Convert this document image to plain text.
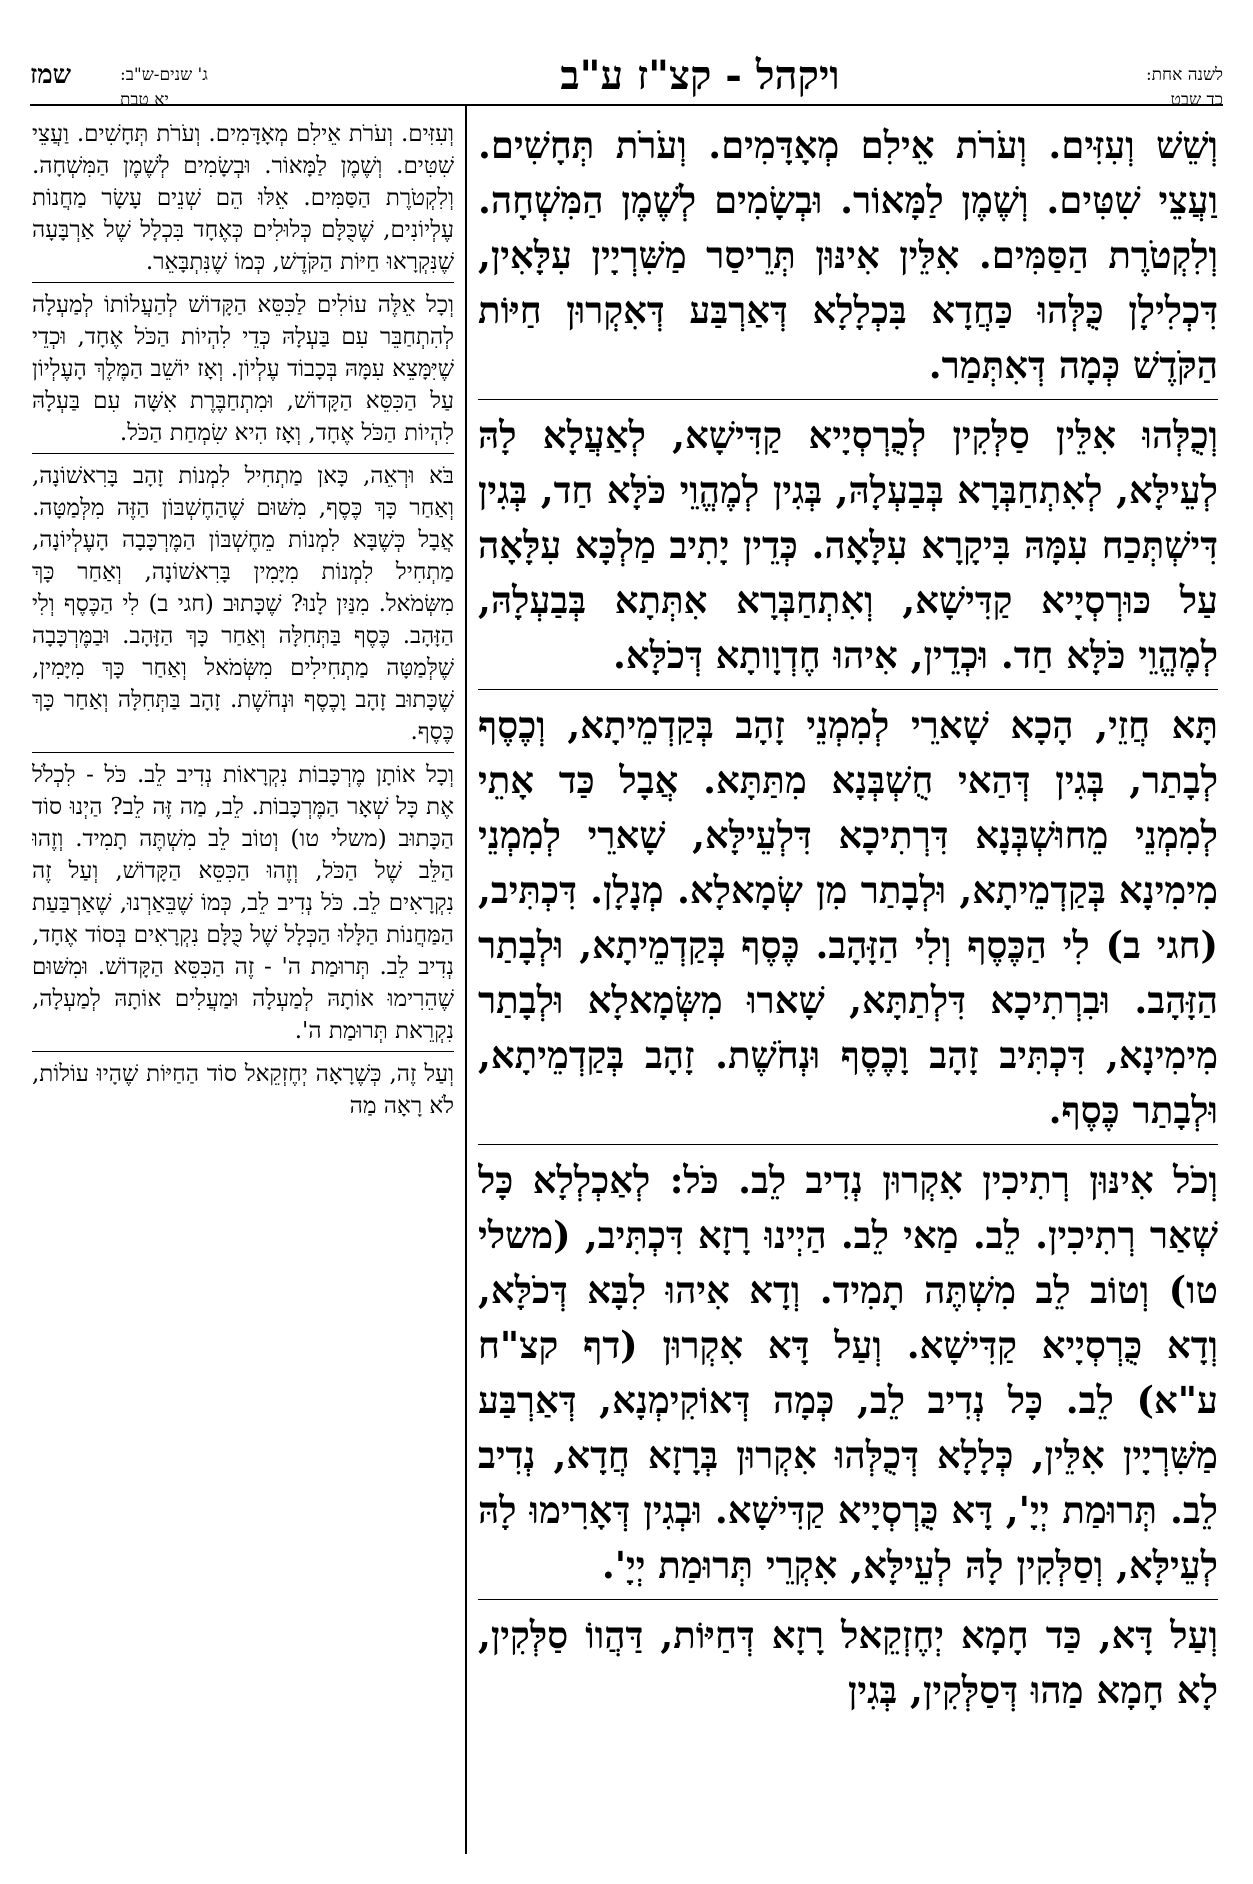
לשנה אחת:
כד שבט
ויקהל - קצ"ז ע"ב
ג' שנים-ש"ב:
יא טבת
שמז

וְשֵׁשׁ וְעִזִּים. וְעֹרֹת אֵילִם מְאָדָּמִים. וְעֹרֹת תְּחָשִׁים. וַעֲצֵי שִׁטִּים. וְשֶׁמֶן לַמָּאוֹר. וּבְשָׂמִים לְשֶׁמֶן הַמִּשְׁחָה. וְלִקְטֹרֶת הַסַּמִּים. אִלֵּין אִינּוּן תְּרֵיסַר מַשִּׁרְיָין עִלָּאִין, דִּכְלִילָן כֻּלְּהוּ כַּחֲדָא בִּכְלָלָא דְּאַרְבַּע דְּאִקְרוּן חַיּוֹת הַקֹּדֶשׁ כְּמָה דְּאִתְּמַר.

וְכֻלְּהוּ אִלֵּין סַלְּקִין לְכֻרְסְיָיא קַדִּישָׁא, לְאַעֲלָא לָהּ לְעֵילָּא, לְאִתְחַבְּרָא בְּבַעְלָהּ, בְּגִין לְמֶהֱוֵי כֹּלָּא חַד, בְּגִין דִּישְׁתְּכַח עִמָּהּ בִּיקָרָא עִלָּאָה. כְּדֵין יָתִיב מַלְכָּא עִלָּאָה עַל כּוּרְסְיָיא קַדִּישָׁא, וְאִתְחַבְּרָא אִתְּתָא בְּבַעְלָהּ, לְמֶהֱוֵי כֹּלָּא חַד. וּכְדֵין, אִיהוּ חֶדְוָותָא דְּכֹלָּא.

תָּא חֲזֵי, הָכָא שָׁארֵי לְמִמְנֵי זָהָב בְּקַדְמֵיתָא, וְכֶסֶף לְבָתַר, בְּגִין דְּהַאי חֻשְׁבְּנָא מִתַּתָּא. אֲבָל כַּד אָתֵי לְמִמְנֵי מֵחוּשְׁבְּנָא דִּרְתִיכָא דִּלְעֵילָּא, שָׁארֵי לְמִמְנֵי מִימִינָא בְּקַדְמֵיתָא, וּלְבָתַר מִן שְׂמָאלָא. מְנָלָן. דִּכְתִּיב, (חגי ב) לִי הַכֶּסֶף וְלִי הַזָּהָב. כֶּסֶף בְּקַדְמֵיתָא, וּלְבָתַר הַזָּהָב. וּבִרְתִיכָא דִּלְתַתָּא, שָׁארוּ מִשְּׂמָאלָא וּלְבָתַר מִימִינָא, דִּכְתִּיב זָהָב וָכֶסֶף וּנְחֹשֶׁת. זָהָב בְּקַדְמֵיתָא, וּלְבָתַר כֶּסֶף.

וְכֹל אִינּוּן רְתִיכִין אִקְרוּן נְדִיב לֵב. כֹּל: לְאַכְלְלָא כָּל שְׁאַר רְתִיכִין. לֵב. מַאי לֵב. הַיְינוּ רָזָא דִּכְתִּיב, (משלי טו) וְטוֹב לֵב מִשְׁתֶּה תָמִיד. וְדָא אִיהוּ לִבָּא דְּכֹלָּא, וְדָא כֻּרְסְיָיא קַדִּישָׁא. וְעַל דָּא אִקְרוּן (דף קצ"ח ע"א) לֵב. כָּל נְדִיב לֵב, כְּמָה דְּאוֹקִימְנָא, דְּאַרְבַּע מַשִּׁרְיָין אִלֵּין, כְּלָלָא דְּכֻלְּהוּ אִקְרוּן בְּרָזָא חֲדָא, נְדִיב לֵב. תְּרוּמַת יְיָ', דָּא כֻּרְסְיָיא קַדִּישָׁא. וּבְגִין דְּאָרִימוּ לָהּ לְעֵילָּא, וְסַלְּקִין לָהּ לְעֵילָּא, אִקְרֵי תְּרוּמַת יְיָ'.

וְעַל דָּא, כַּד חָמָא יְחֶזְקֵאל רָזָא דְּחַיּוֹת, דַּהֲווֹ סַלְּקִין, לָא חָמָא מַהוּ דְּסַלְּקִין, בְּגִין

וְעִזִּים. וְעֹרֹת אֵילִם מְאָדָּמִים. וְעֹרֹת תְּחָשִׁים. וַעֲצֵי שִׁטִּים. וְשֶׁמֶן לַמָּאוֹר. וּבְשָׂמִים לְשֶׁמֶן הַמִּשְׁחָה. וְלִקְטֹרֶת הַסַּמִּים. אֵלּוּ הֵם שְׁנֵים עָשָׂר מַחֲנוֹת עֶלְיוֹנִים, שֶׁכֻּלָּם כְּלוּלִים כְּאֶחָד בִּכְלָל שֶׁל אַרְבָּעָה שֶׁנִּקְרָאוּ חַיּוֹת הַקֹּדֶשׁ, כְּמוֹ שֶׁנִּתְבָּאֵר.

וְכָל אֵלֶּה עוֹלִים לַכִּסֵּא הַקָּדוֹשׁ לְהַעֲלוֹתוֹ לְמַעְלָה לְהִתְחַבֵּר עִם בַּעְלָהּ כְּדֵי לִהְיוֹת הַכֹּל אֶחָד, וּכְדֵי שֶׁיִּמָּצֵא עִמָּהּ בְּכָבוֹד עֶלְיוֹן. וְאָז יוֹשֵׁב הַמֶּלֶךְ הָעֶלְיוֹן עַל הַכִּסֵּא הַקָּדוֹשׁ, וּמִתְחַבֶּרֶת אִשָּׁה עִם בַּעְלָהּ לִהְיוֹת הַכֹּל אֶחָד, וְאָז הִיא שִׂמְחַת הַכֹּל.

בֹּא וּרְאֵה, כָּאן מַתְחִיל לִמְנוֹת זָהָב בָּרִאשׁוֹנָה, וְאַחַר כָּךְ כֶּסֶף, מִשּׁוּם שֶׁהַחֶשְׁבּוֹן הַזֶּה מִלְּמַטָּה. אֲבָל כְּשֶׁבָּא לִמְנוֹת מֵחֶשְׁבּוֹן הַמֶּרְכָּבָה הָעֶלְיוֹנָה, מַתְחִיל לִמְנוֹת מִיָּמִין בָּרִאשׁוֹנָה, וְאַחַר כָּךְ מִשְּׂמֹאל. מִנַּיִן לָנוּ? שֶׁכָּתוּב (חגי ב) לִי הַכֶּסֶף וְלִי הַזָּהָב. כֶּסֶף בַּתְּחִלָּה וְאַחַר כָּךְ הַזָּהָב. וּבַמֶּרְכָּבָה שֶׁלְּמַטָּה מַתְחִילִים מִשְּׂמֹאל וְאַחַר כָּךְ מִיָּמִין, שֶׁכָּתוּב זָהָב וָכֶסֶף וּנְחֹשֶׁת. זָהָב בַּתְּחִלָּה וְאַחַר כָּךְ כֶּסֶף.

וְכָל אוֹתָן מֶרְכָּבוֹת נִקְרָאוֹת נְדִיב לֵב. כֹּל - לִכְלֹל אֶת כָּל שְׁאָר הַמֶּרְכָּבוֹת. לֵב, מַה זֶּה לֵב? הַיְנוּ סוֹד הַכָּתוּב (משלי טו) וְטוֹב לֵב מִשְׁתֶּה תָמִיד. וְזֶהוּ הַלֵּב שֶׁל הַכֹּל, וְזֶהוּ הַכִּסֵּא הַקָּדוֹשׁ, וְעַל זֶה נִקְרָאִים לֵב. כֹּל נְדִיב לֵב, כְּמוֹ שֶׁבֵּאַרְנוּ, שֶׁאַרְבַּעַת הַמַּחֲנוֹת הַלָּלוּ הַכְּלָל שֶׁל כֻּלָּם נִקְרָאִים בְּסוֹד אֶחָד, נְדִיב לֵב. תְּרוּמַת ה' - זֶה הַכִּסֵּא הַקָּדוֹשׁ. וּמִשּׁוּם שֶׁהֵרִימוּ אוֹתָהּ לְמַעְלָה וּמַעֲלִים אוֹתָהּ לְמַעְלָה, נִקְרֵאת תְּרוּמַת ה'.

וְעַל זֶה, כְּשֶׁרָאָה יְחֶזְקֵאל סוֹד הַחַיּוֹת שֶׁהָיוּ עוֹלוֹת, לֹא רָאָה מַה
